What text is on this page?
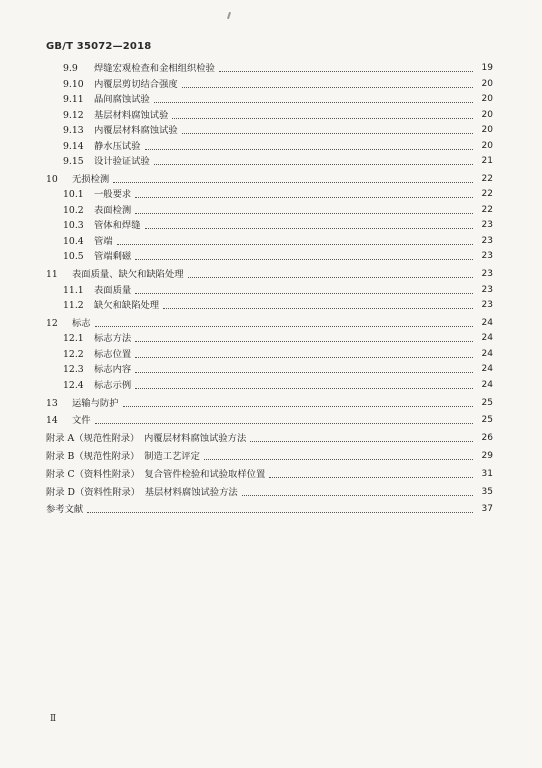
GB/T 35072—2018
9.9 焊缝宏观检查和金相组织检验	19
9.10 内覆层剪切结合强度	20
9.11 晶间腐蚀试验	20
9.12 基层材料腐蚀试验	20
9.13 内覆层材料腐蚀试验	20
9.14 静水压试验	20
9.15 设计验证试验	21
10 无损检测	22
10.1 一般要求	22
10.2 表面检测	22
10.3 管体和焊缝	23
10.4 管端	23
10.5 管端剩磁	23
11 表面质量、缺欠和缺陷处理	23
11.1 表面质量	23
11.2 缺欠和缺陷处理	23
12 标志	24
12.1 标志方法	24
12.2 标志位置	24
12.3 标志内容	24
12.4 标志示例	24
13 运输与防护	25
14 文件	25
附录 A（规范性附录）　内覆层材料腐蚀试验方法	26
附录 B（规范性附录）　制造工艺评定	29
附录 C（资料性附录）　复合管件检验和试验取样位置	31
附录 D（资料性附录）　基层材料腐蚀试验方法	35
参考文献	37
Ⅱ
